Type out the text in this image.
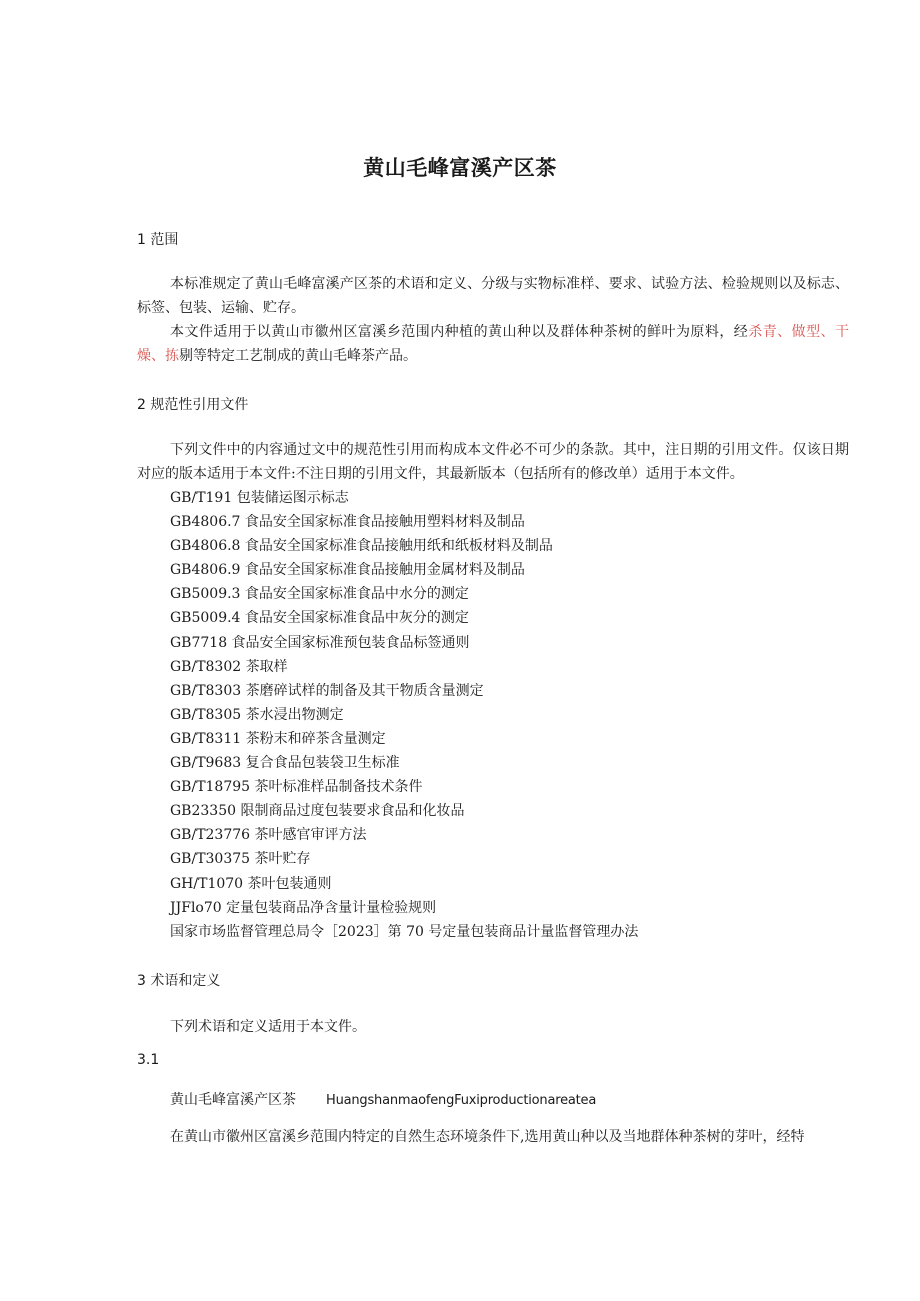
黄山毛峰富溪产区茶
1 范围

本标准规定了黄山毛峰富溪产区茶的术语和定义、分级与实物标准样、要求、试验方法、检验规则以及标志、标签、包装、运输、贮存。

本文件适用于以黄山市徽州区富溪乡范围内种植的黄山种以及群体种茶树的鲜叶为原料，经杀青、做型、干燥、拣剔等特定工艺制成的黄山毛峰茶产品。

2 规范性引用文件

下列文件中的内容通过文中的规范性引用而构成本文件必不可少的条款。其中，注日期的引用文件。仅该日期对应的版本适用于本文件:不注日期的引用文件，其最新版本（包括所有的修改单）适用于本文件。

GB/T191 包装储运图示标志
GB4806.7 食品安全国家标准食品接触用塑料材料及制品
GB4806.8 食品安全国家标准食品接触用纸和纸板材料及制品
GB4806.9 食品安全国家标准食品接触用金属材料及制品
GB5009.3 食品安全国家标准食品中水分的测定
GB5009.4 食品安全国家标准食品中灰分的测定
GB7718 食品安全国家标准预包装食品标签通则
GB/T8302 茶取样
GB/T8303 茶磨碎试样的制备及其干物质含量测定
GB/T8305 茶水浸出物测定
GB/T8311 茶粉末和碎茶含量测定
GB/T9683 复合食品包装袋卫生标准
GB/T18795 茶叶标准样品制备技术条件
GB23350 限制商品过度包装要求食品和化妆品
GB/T23776 茶叶感官审评方法
GB/T30375 茶叶贮存
GH/T1070 茶叶包装通则
JJFlo70 定量包装商品净含量计量检验规则
国家市场监督管理总局令［2023］第 70 号定量包装商品计量监督管理办法
3 术语和定义

下列术语和定义适用于本文件。

3.1

黄山毛峰富溪产区茶 HuangshanmaofengFuxiproductionareatea

在黄山市徽州区富溪乡范围内特定的自然生态环境条件下,选用黄山种以及当地群体种茶树的芽叶，经特
